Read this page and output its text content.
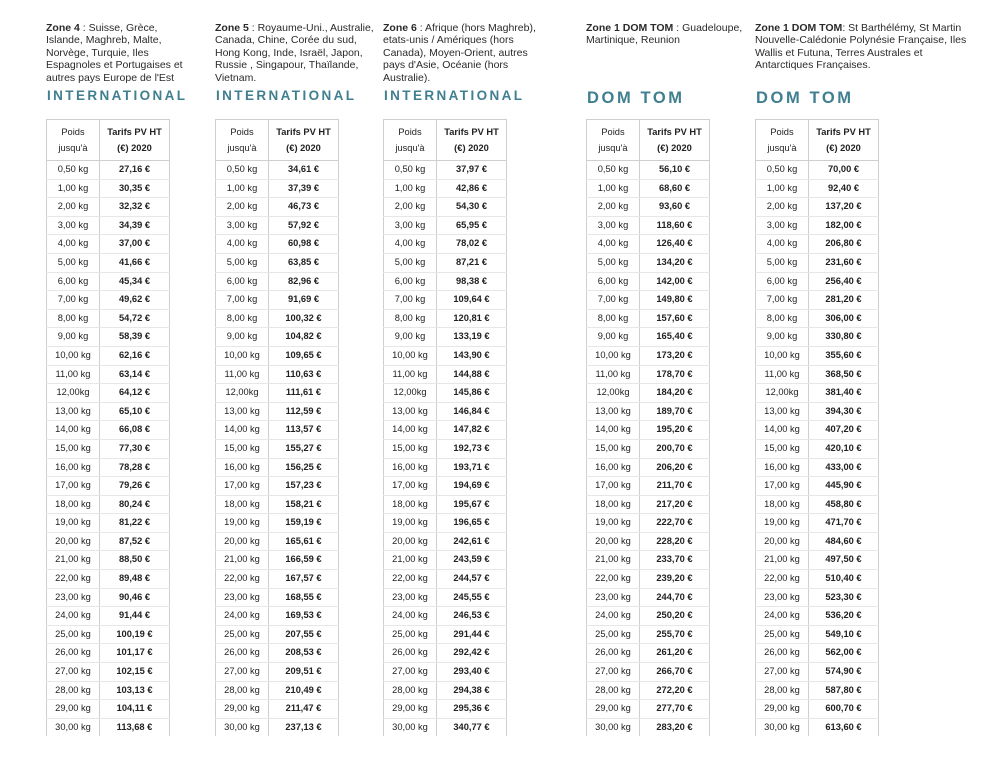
Zone 4 : Suisse, Grèce, Islande, Maghreb, Malte, Norvège, Turquie, Iles Espagnoles et Portugaises et autres pays Europe de l'Est
INTERNATIONAL
Poids
jusqu'à	Tarifs PV HT
(€) 2020
0,50 kg	27,16 €
1,00 kg	30,35 €
2,00 kg	32,32 €
3,00 kg	34,39 €
4,00 kg	37,00 €
5,00 kg	41,66 €
6,00 kg	45,34 €
7,00 kg	49,62 €
8,00 kg	54,72 €
9,00 kg	58,39 €
10,00 kg	62,16 €
11,00 kg	63,14 €
12,00kg	64,12 €
13,00 kg	65,10 €
14,00 kg	66,08 €
15,00 kg	77,30 €
16,00 kg	78,28 €
17,00 kg	79,26 €
18,00 kg	80,24 €
19,00 kg	81,22 €
20,00 kg	87,52 €
21,00 kg	88,50 €
22,00 kg	89,48 €
23,00 kg	90,46 €
24,00 kg	91,44 €
25,00 kg	100,19 €
26,00 kg	101,17 €
27,00 kg	102,15 €
28,00 kg	103,13 €
29,00 kg	104,11 €
30,00 kg	113,68 €
Zone 5 : Royaume-Uni., Australie, Canada, Chine, Corée du sud, Hong Kong, Inde, Israël, Japon, Russie , Singapour, Thaïlande, Vietnam.
INTERNATIONAL
Poids
jusqu'à	Tarifs PV HT
(€) 2020
0,50 kg	34,61 €
1,00 kg	37,39 €
2,00 kg	46,73 €
3,00 kg	57,92 €
4,00 kg	60,98 €
5,00 kg	63,85 €
6,00 kg	82,96 €
7,00 kg	91,69 €
8,00 kg	100,32 €
9,00 kg	104,82 €
10,00 kg	109,65 €
11,00 kg	110,63 €
12,00kg	111,61 €
13,00 kg	112,59 €
14,00 kg	113,57 €
15,00 kg	155,27 €
16,00 kg	156,25 €
17,00 kg	157,23 €
18,00 kg	158,21 €
19,00 kg	159,19 €
20,00 kg	165,61 €
21,00 kg	166,59 €
22,00 kg	167,57 €
23,00 kg	168,55 €
24,00 kg	169,53 €
25,00 kg	207,55 €
26,00 kg	208,53 €
27,00 kg	209,51 €
28,00 kg	210,49 €
29,00 kg	211,47 €
30,00 kg	237,13 €
Zone 6 : Afrique (hors Maghreb), etats-unis / Amériques (hors Canada), Moyen-Orient, autres pays d'Asie, Océanie (hors Australie).
INTERNATIONAL
Poids
jusqu'à	Tarifs PV HT
(€) 2020
0,50 kg	37,97 €
1,00 kg	42,86 €
2,00 kg	54,30 €
3,00 kg	65,95 €
4,00 kg	78,02 €
5,00 kg	87,21 €
6,00 kg	98,38 €
7,00 kg	109,64 €
8,00 kg	120,81 €
9,00 kg	133,19 €
10,00 kg	143,90 €
11,00 kg	144,88 €
12,00kg	145,86 €
13,00 kg	146,84 €
14,00 kg	147,82 €
15,00 kg	192,73 €
16,00 kg	193,71 €
17,00 kg	194,69 €
18,00 kg	195,67 €
19,00 kg	196,65 €
20,00 kg	242,61 €
21,00 kg	243,59 €
22,00 kg	244,57 €
23,00 kg	245,55 €
24,00 kg	246,53 €
25,00 kg	291,44 €
26,00 kg	292,42 €
27,00 kg	293,40 €
28,00 kg	294,38 €
29,00 kg	295,36 €
30,00 kg	340,77 €
Zone 1 DOM TOM : Guadeloupe, Martinique, Reunion
DOM TOM
Poids
jusqu'à	Tarifs PV HT
(€) 2020
0,50 kg	56,10 €
1,00 kg	68,60 €
2,00 kg	93,60 €
3,00 kg	118,60 €
4,00 kg	126,40 €
5,00 kg	134,20 €
6,00 kg	142,00 €
7,00 kg	149,80 €
8,00 kg	157,60 €
9,00 kg	165,40 €
10,00 kg	173,20 €
11,00 kg	178,70 €
12,00kg	184,20 €
13,00 kg	189,70 €
14,00 kg	195,20 €
15,00 kg	200,70 €
16,00 kg	206,20 €
17,00 kg	211,70 €
18,00 kg	217,20 €
19,00 kg	222,70 €
20,00 kg	228,20 €
21,00 kg	233,70 €
22,00 kg	239,20 €
23,00 kg	244,70 €
24,00 kg	250,20 €
25,00 kg	255,70 €
26,00 kg	261,20 €
27,00 kg	266,70 €
28,00 kg	272,20 €
29,00 kg	277,70 €
30,00 kg	283,20 €
Zone 1 DOM TOM: St Barthélémy, St Martin Nouvelle-Calédonie Polynésie Française, Iles Wallis et Futuna, Terres Australes et Antarctiques Françaises.
DOM TOM
Poids
jusqu'à	Tarifs PV HT
(€) 2020
0,50 kg	70,00 €
1,00 kg	92,40 €
2,00 kg	137,20 €
3,00 kg	182,00 €
4,00 kg	206,80 €
5,00 kg	231,60 €
6,00 kg	256,40 €
7,00 kg	281,20 €
8,00 kg	306,00 €
9,00 kg	330,80 €
10,00 kg	355,60 €
11,00 kg	368,50 €
12,00kg	381,40 €
13,00 kg	394,30 €
14,00 kg	407,20 €
15,00 kg	420,10 €
16,00 kg	433,00 €
17,00 kg	445,90 €
18,00 kg	458,80 €
19,00 kg	471,70 €
20,00 kg	484,60 €
21,00 kg	497,50 €
22,00 kg	510,40 €
23,00 kg	523,30 €
24,00 kg	536,20 €
25,00 kg	549,10 €
26,00 kg	562,00 €
27,00 kg	574,90 €
28,00 kg	587,80 €
29,00 kg	600,70 €
30,00 kg	613,60 €
